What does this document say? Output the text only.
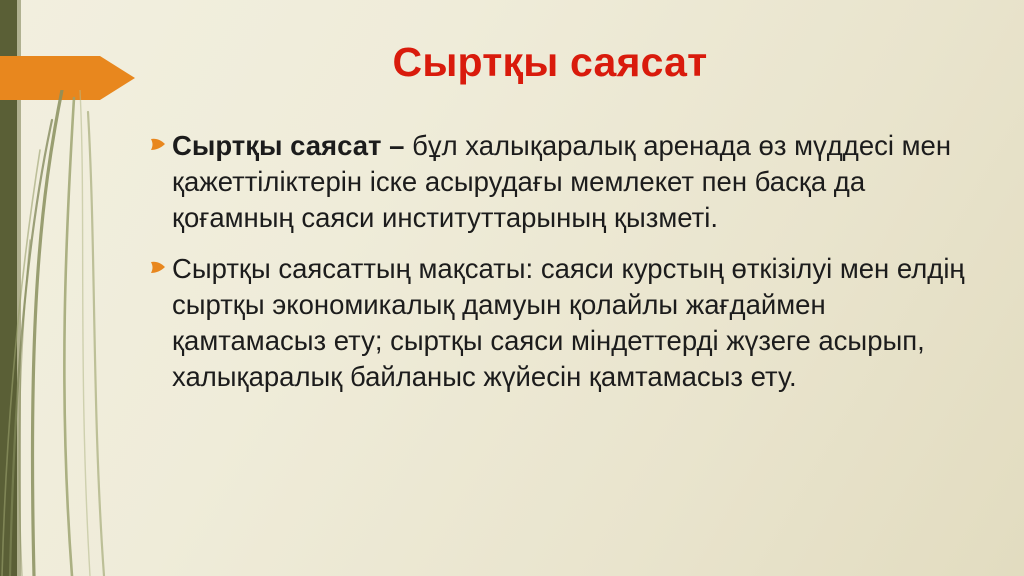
Сыртқы саясат
Сыртқы саясат – бұл халықаралық аренада өз мүддесі мен қажеттіліктерін іске асырудағы мемлекет пен басқа да қоғамның саяси институттарының қызметі.
Сыртқы саясаттың мақсаты: саяси курстың өткізілуі мен елдің сыртқы экономикалық дамуын қолайлы жағдаймен қамтамасыз ету; сыртқы саяси міндеттерді жүзеге асырып, халықаралық байланыс жүйесін қамтамасыз ету.
